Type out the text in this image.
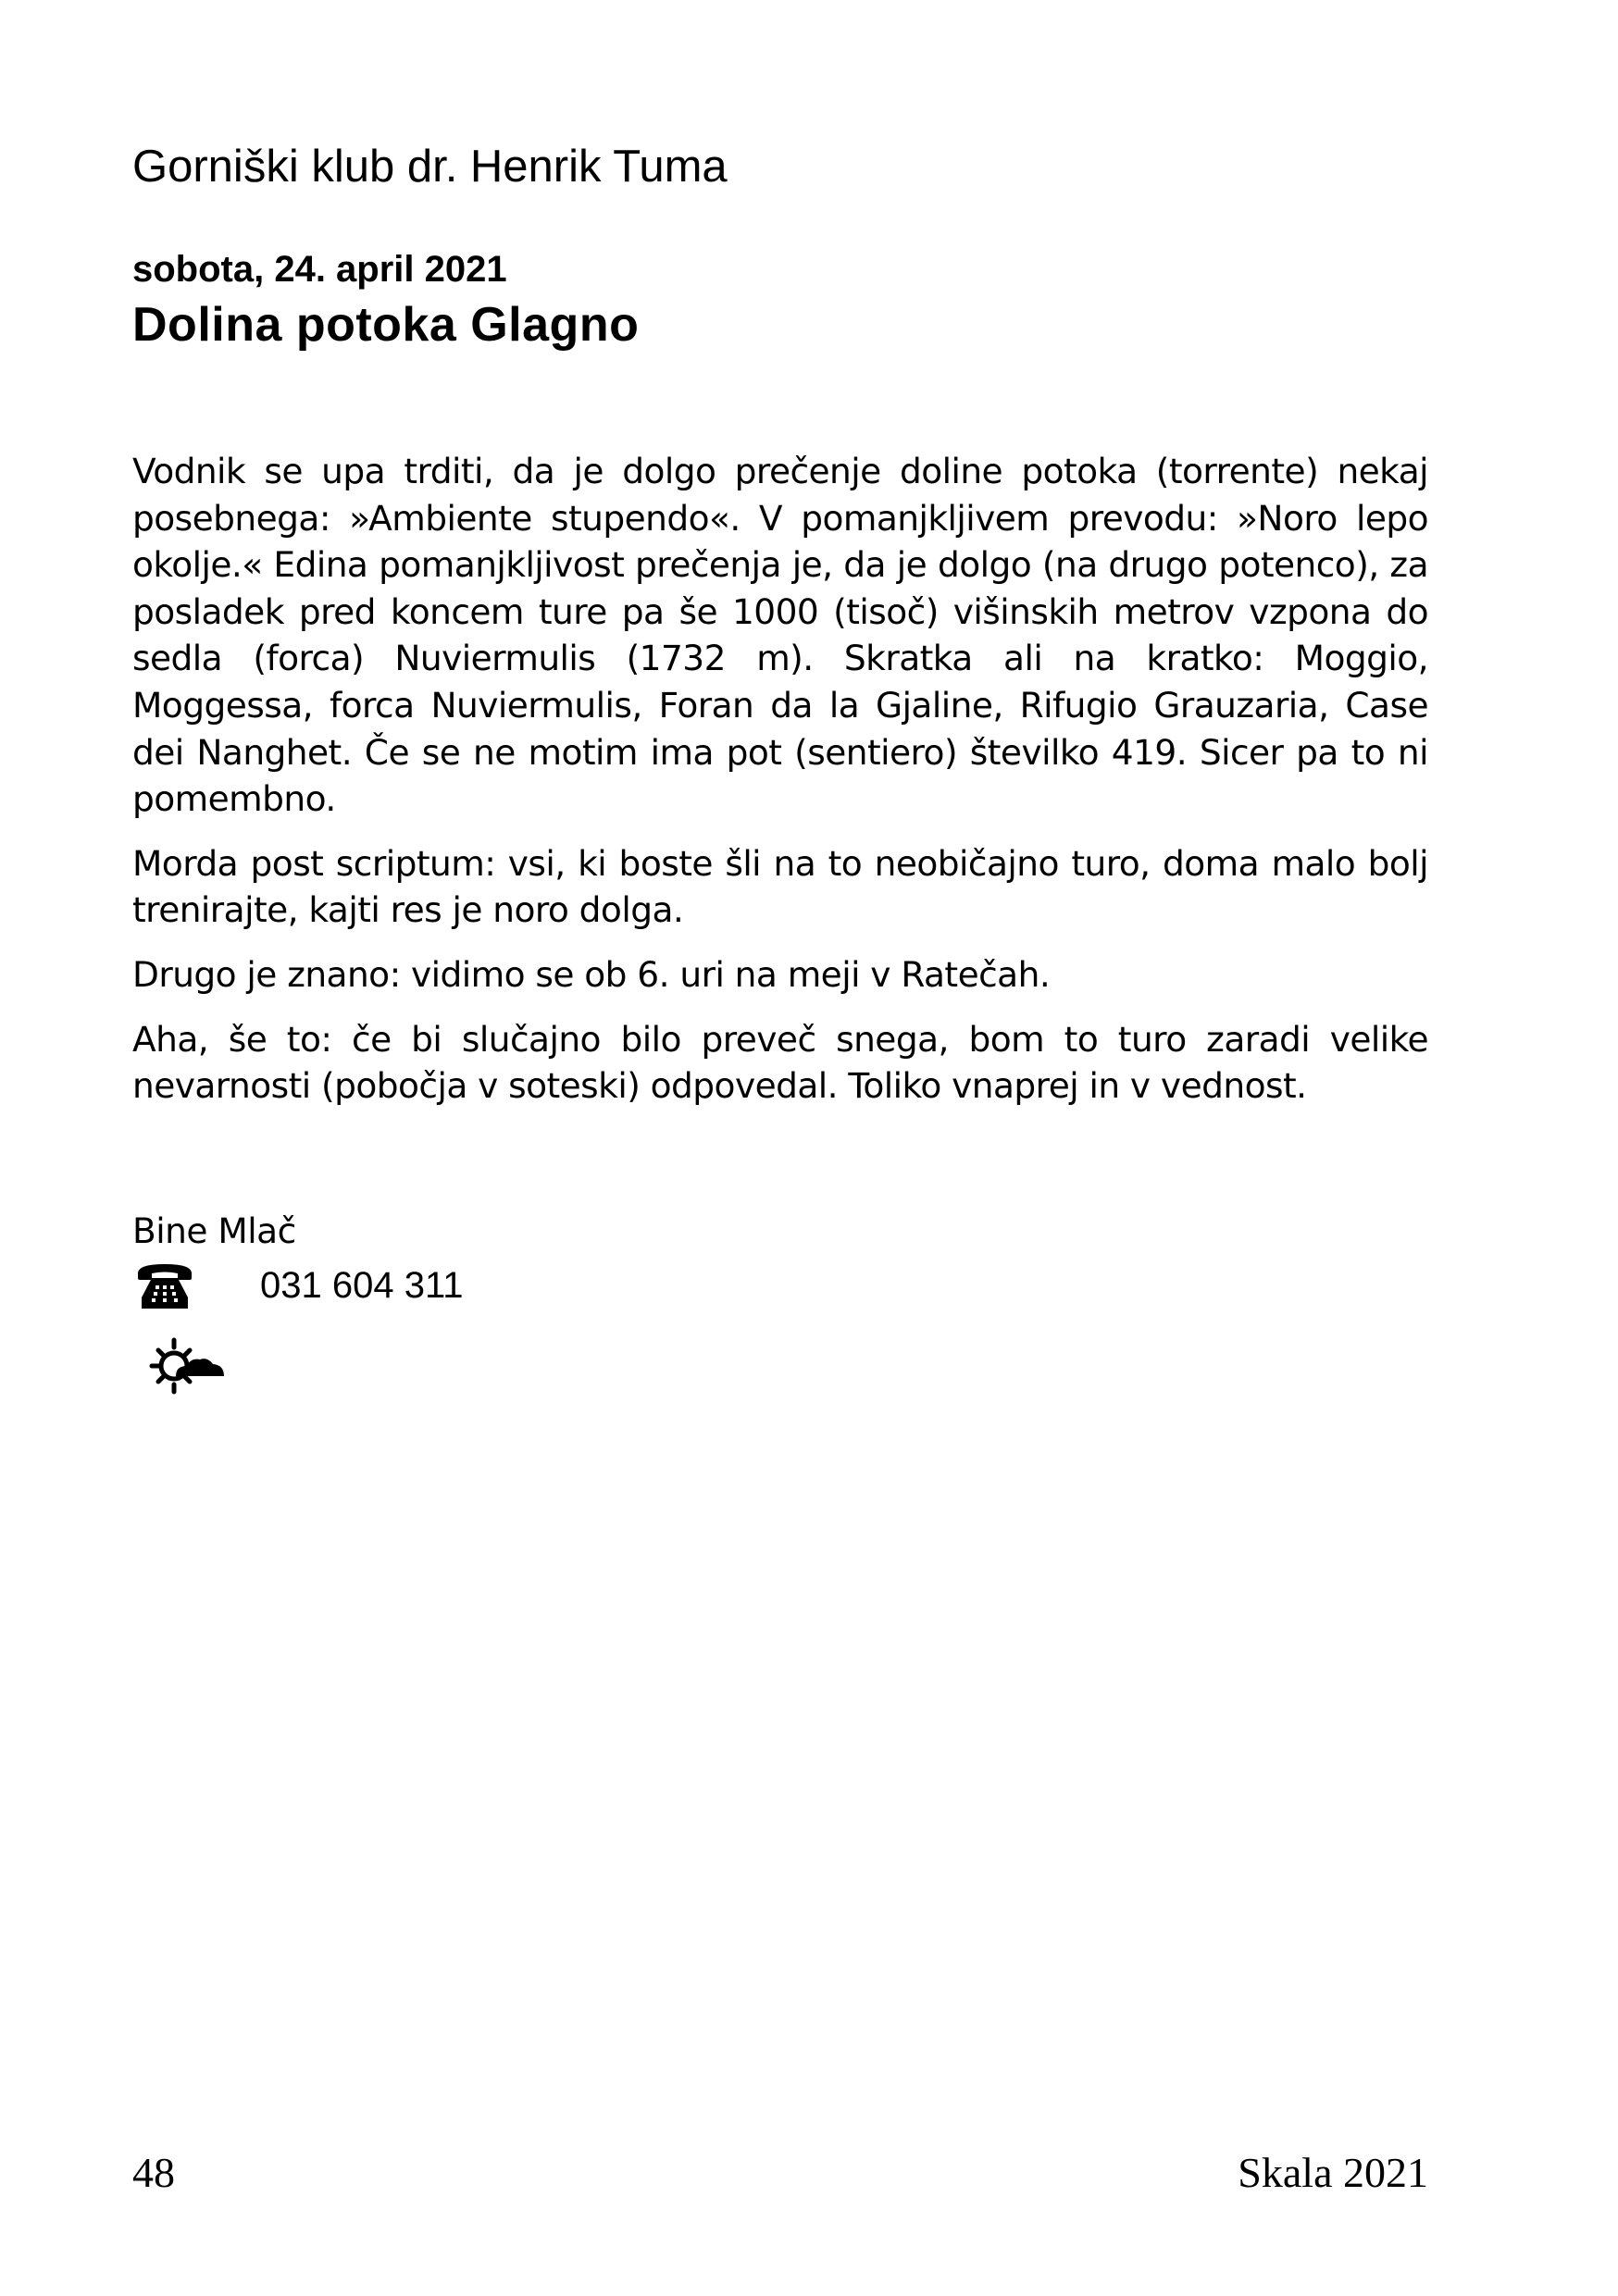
Gorniški klub dr. Henrik Tuma
sobota, 24. april 2021
Dolina potoka Glagno

Vodnik se upa trditi, da je dolgo prečenje doline potoka (torrente) nekaj posebnega: »Ambiente stupendo«. V pomanjkljivem prevodu: »Noro lepo okolje.« Edina pomanjkljivost prečenja je, da je dolgo (na drugo potenco), za posladek pred koncem ture pa še 1000 (tisoč) višinskih metrov vzpona do sedla (forca) Nuviermulis (1732 m). Skratka ali na kratko: Moggio, Moggessa, forca Nuviermulis, Foran da la Gjaline, Rifugio Grauzaria, Case dei Nanghet. Če se ne motim ima pot (sentiero) številko 419. Sicer pa to ni pomembno.

Morda post scriptum: vsi, ki boste šli na to neobičajno turo, doma malo bolj trenirajte, kajti res je noro dolga.

Drugo je znano: vidimo se ob 6. uri na meji v Ratečah.

Aha, še to: če bi slučajno bilo preveč snega, bom to turo zaradi velike nevarnosti (pobočja v soteski) odpovedal. Toliko vnaprej in v vednost.

Bine Mlač
031 604 311
48	Skala 2021
